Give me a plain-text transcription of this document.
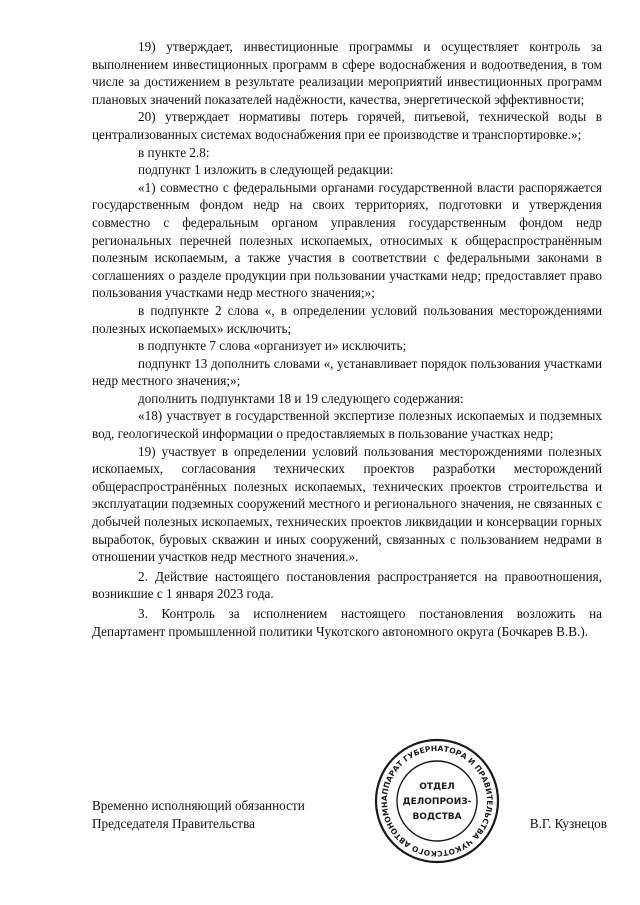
19) утверждает, инвестиционные программы и осуществляет контроль за выполнением инвестиционных программ в сфере водоснабжения и водоотведения, в том числе за достижением в результате реализации мероприятий инвестиционных программ плановых значений показателей надёжности, качества, энергетической эффективности;

20) утверждает нормативы потерь горячей, питьевой, технической воды в централизованных системах водоснабжения при ее производстве и транспортировке.»;

в пункте 2.8:

подпункт 1 изложить в следующей редакции:

«1) совместно с федеральными органами государственной власти распоряжается государственным фондом недр на своих территориях, подготовки и утверждения совместно с федеральным органом управления государственным фондом недр региональных перечней полезных ископаемых, относимых к общераспространённым полезным ископаемым, а также участия в соответствии с федеральными законами в соглашениях о разделе продукции при пользовании участками недр; предоставляет право пользования участками недр местного значения;»;

в подпункте 2 слова «, в определении условий пользования месторождениями полезных ископаемых» исключить;

в подпункте 7 слова «организует и» исключить;

подпункт 13 дополнить словами «, устанавливает порядок пользования участками недр местного значения;»;

дополнить подпунктами 18 и 19 следующего содержания:

«18) участвует в государственной экспертизе полезных ископаемых и подземных вод, геологической информации о предоставляемых в пользование участках недр;

19) участвует в определении условий пользования месторождениями полезных ископаемых, согласования технических проектов разработки месторождений общераспространённых полезных ископаемых, технических проектов строительства и эксплуатации подземных сооружений местного и регионального значения, не связанных с добычей полезных ископаемых, технических проектов ликвидации и консервации горных выработок, буровых скважин и иных сооружений, связанных с пользованием недрами в отношении участков недр местного значения.».

2. Действие настоящего постановления распространяется на правоотношения, возникшие с 1 января 2023 года.

3. Контроль за исполнением настоящего постановления возложить на Департамент промышленной политики Чукотского автономного округа (Бочкарев В.В.).

Временно исполняющий обязанности
Председателя Правительства	В.Г. Кузнецов
АППАРАТ ГУБЕРНАТОРА И ПРАВИТЕЛЬСТВА ЧУКОТСКОГО АВТОНОМН
ОТДЕЛ
ДЕЛОПРОИЗ-
ВОДСТВА
